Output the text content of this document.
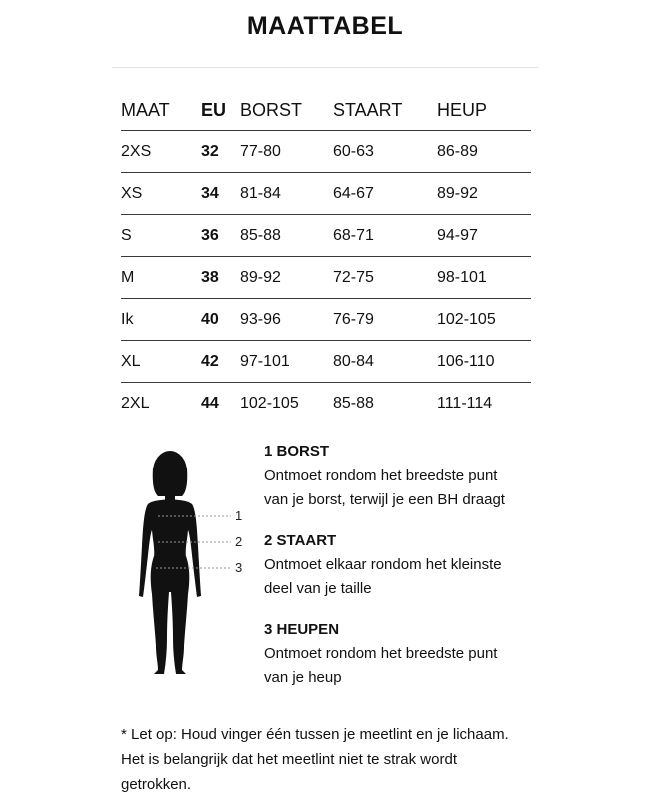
MAATTABEL
MAAT	EU	BORST	STAART	HEUP
2XS	32	77-80	60-63	86-89
XS	34	81-84	64-67	89-92
S	36	85-88	68-71	94-97
M	38	89-92	72-75	98-101
Ik	40	93-96	76-79	102-105
XL	42	97-101	80-84	106-110
2XL	44	102-105	85-88	111-114
1
2
3
1 BORST
Ontmoet rondom het breedste punt
van je borst, terwijl je een BH draagt
2 STAART
Ontmoet elkaar rondom het kleinste
deel van je taille
3 HEUPEN
Ontmoet rondom het breedste punt
van je heup
* Let op: Houd vinger één tussen je meetlint en je lichaam.
Het is belangrijk dat het meetlint niet te strak wordt
getrokken.
